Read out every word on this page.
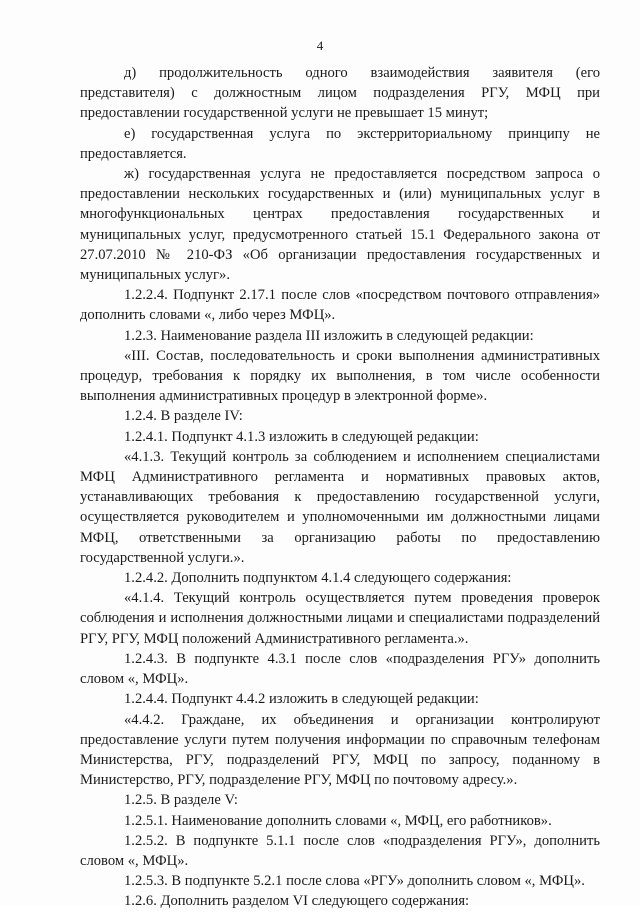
4

д) продолжительность одного взаимодействия заявителя (его представителя) с должностным лицом подразделения РГУ, МФЦ при предоставлении государственной услуги не превышает 15 минут;

е) государственная услуга по экстерриториальному принципу не предоставляется.

ж) государственная услуга не предоставляется посредством запроса о предоставлении нескольких государственных и (или) муниципальных услуг в многофункциональных центрах предоставления государственных и муниципальных услуг, предусмотренного статьей 15.1 Федерального закона от 27.07.2010 № 210-ФЗ «Об организации предоставления государственных и муниципальных услуг».

1.2.2.4. Подпункт 2.17.1 после слов «посредством почтового отправления» дополнить словами «, либо через МФЦ».

1.2.3. Наименование раздела III изложить в следующей редакции:

«III. Состав, последовательность и сроки выполнения административных процедур, требования к порядку их выполнения, в том числе особенности выполнения административных процедур в электронной форме».

1.2.4. В разделе IV:

1.2.4.1. Подпункт 4.1.3 изложить в следующей редакции:

«4.1.3. Текущий контроль за соблюдением и исполнением специалистами МФЦ Административного регламента и нормативных правовых актов, устанавливающих требования к предоставлению государственной услуги, осуществляется руководителем и уполномоченными им должностными лицами МФЦ, ответственными за организацию работы по предоставлению государственной услуги.».

1.2.4.2. Дополнить подпунктом 4.1.4 следующего содержания:

«4.1.4. Текущий контроль осуществляется путем проведения проверок соблюдения и исполнения должностными лицами и специалистами подразделений РГУ, РГУ, МФЦ положений Административного регламента.».

1.2.4.3. В подпункте 4.3.1 после слов «подразделения РГУ» дополнить словом «, МФЦ».

1.2.4.4. Подпункт 4.4.2 изложить в следующей редакции:

«4.4.2. Граждане, их объединения и организации контролируют предоставление услуги путем получения информации по справочным телефонам Министерства, РГУ, подразделений РГУ, МФЦ по запросу, поданному в Министерство, РГУ, подразделение РГУ, МФЦ по почтовому адресу.».

1.2.5. В разделе V:

1.2.5.1. Наименование дополнить словами «, МФЦ, его работников».

1.2.5.2. В подпункте 5.1.1 после слов «подразделения РГУ», дополнить словом «, МФЦ».

1.2.5.3. В подпункте 5.2.1 после слова «РГУ» дополнить словом «, МФЦ».

1.2.6. Дополнить разделом VI следующего содержания:
